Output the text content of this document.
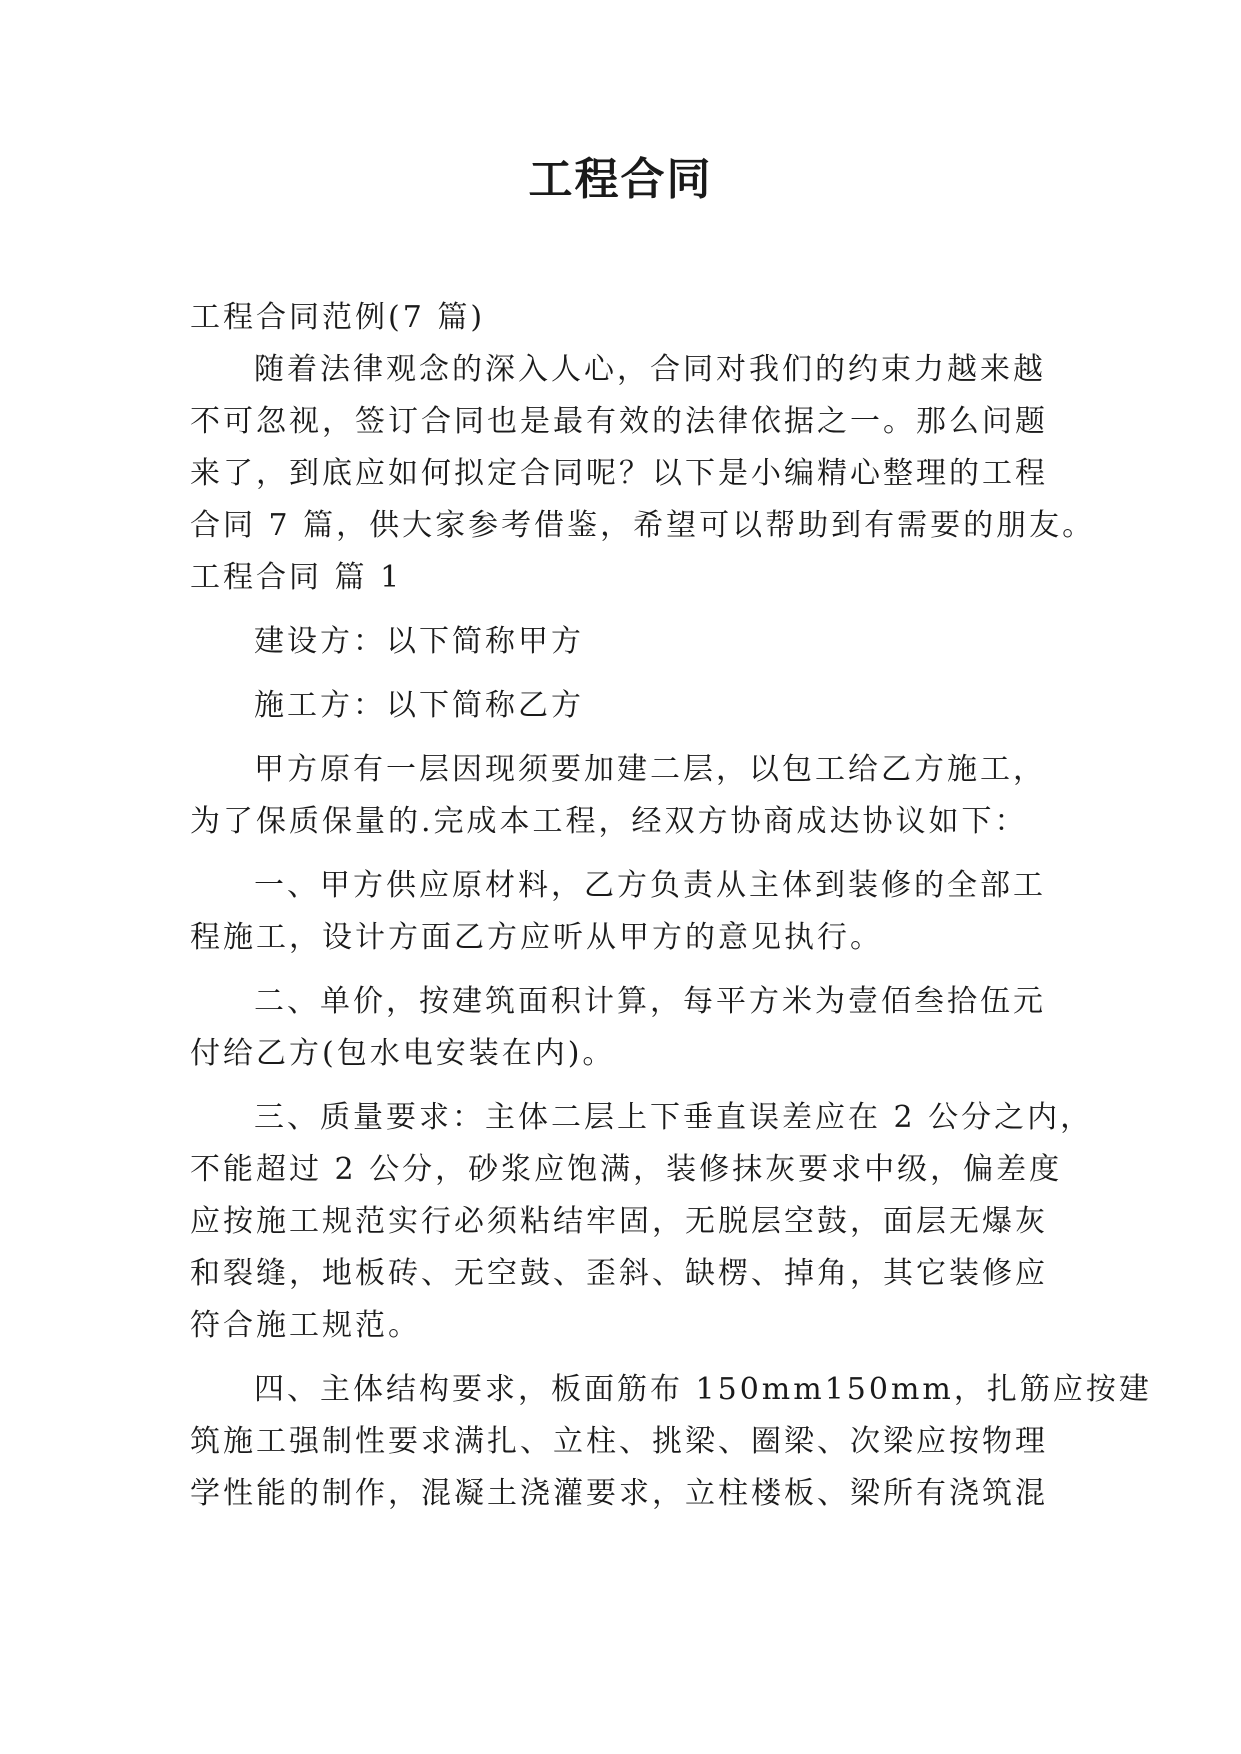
工程合同
工程合同范例(7 篇)
随着法律观念的深入人心，合同对我们的约束力越来越
不可忽视，签订合同也是最有效的法律依据之一。那么问题
来了，到底应如何拟定合同呢？以下是小编精心整理的工程
合同 7 篇，供大家参考借鉴，希望可以帮助到有需要的朋友。
工程合同 篇 1
建设方：以下简称甲方
施工方：以下简称乙方
甲方原有一层因现须要加建二层，以包工给乙方施工，
为了保质保量的.完成本工程，经双方协商成达协议如下：
一、甲方供应原材料，乙方负责从主体到装修的全部工
程施工，设计方面乙方应听从甲方的意见执行。
二、单价，按建筑面积计算，每平方米为壹佰叁拾伍元
付给乙方(包水电安装在内)。
三、质量要求：主体二层上下垂直误差应在 2 公分之内，
不能超过 2 公分，砂浆应饱满，装修抹灰要求中级，偏差度
应按施工规范实行必须粘结牢固，无脱层空鼓，面层无爆灰
和裂缝，地板砖、无空鼓、歪斜、缺楞、掉角，其它装修应
符合施工规范。
四、主体结构要求，板面筋布 150mm150mm，扎筋应按建
筑施工强制性要求满扎、立柱、挑梁、圈梁、次梁应按物理
学性能的制作，混凝土浇灌要求，立柱楼板、梁所有浇筑混
